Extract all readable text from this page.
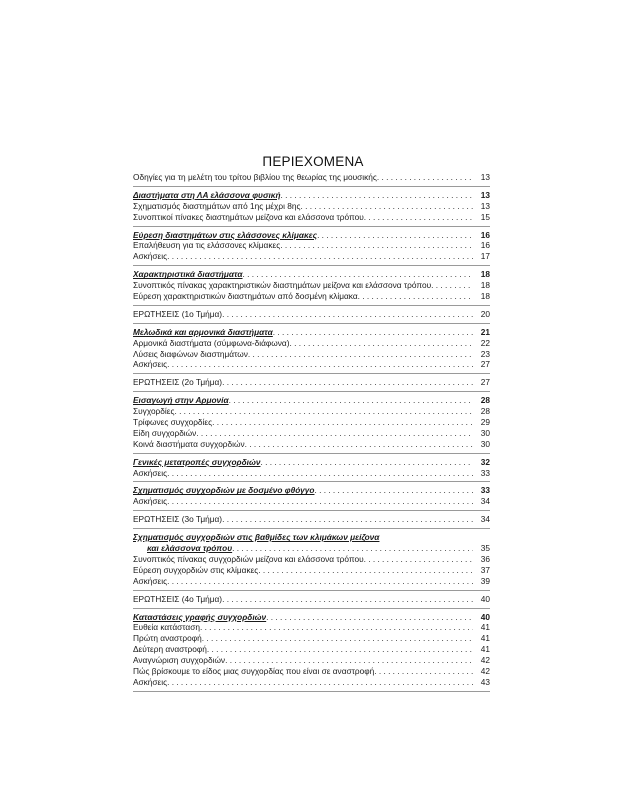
ΠΕΡΙΕΧΟΜΕΝΑ
Οδηγίες για τη μελέτη του τρίτου βιβλίου της θεωρίας της μουσικής . . .	13
Διαστήματα στη ΛΑ ελάσσονα φυσική . . .	13
Σχηματισμός διαστημάτων από 1ης μέχρι 8ης . . .	13
Συνοπτικοί πίνακες διαστημάτων μείζονα και ελάσσονα τρόπου . . .	15
Εύρεση διαστημάτων στις ελάσσονες κλίμακες . . .	16
Επαλήθευση για τις ελάσσονες κλίμακες . . .	16
Ασκήσεις . . .	17
Χαρακτηριστικά διαστήματα . . .	18
Συνοπτικός πίνακας χαρακτηριστικών διαστημάτων μείζονα και ελάσσονα τρόπου . . .	18
Εύρεση χαρακτηριστικών διαστημάτων από δοσμένη κλίμακα . . .	18
ΕΡΩΤΗΣΕΙΣ (1ο Τμήμα) . . .	20
Μελωδικά και αρμονικά διαστήματα . . .	21
Αρμονικά διαστήματα (σύμφωνα-διάφωνα) . . .	22
Λύσεις διαφώνων διαστημάτων . . .	23
Ασκήσεις . . .	27
ΕΡΩΤΗΣΕΙΣ (2ο Τμήμα) . . .	27
Εισαγωγή στην Αρμονία . . .	28
Συγχορδίες . . .	28
Τρίφωνες συγχορδίες . . .	29
Είδη συγχορδιών . . .	30
Κοινά διαστήματα συγχορδιών . . .	30
Γενικές μετατροπές συγχορδιών . . .	32
Ασκήσεις . . .	33
Σχηματισμός συγχορδιών με δοσμένο φθόγγο . . .	33
Ασκήσεις . . .	34
ΕΡΩΤΗΣΕΙΣ (3ο Τμήμα) . . .	34
Σχηματισμός συγχορδιών στις βαθμίδες των κλιμάκων μείζονα
και ελάσσονα τρόπου . . .	35
Συνοπτικός πίνακας συγχορδιών μείζονα και ελάσσονα τρόπου . . .	36
Εύρεση συγχορδιών στις κλίμακες . . .	37
Ασκήσεις . . .	39
ΕΡΩΤΗΣΕΙΣ (4ο Τμήμα) . . .	40
Καταστάσεις γραφής συγχορδιών . . .	40
Ευθεία κατάσταση . . .	41
Πρώτη αναστροφή . . .	41
Δεύτερη αναστροφή . . .	41
Αναγνώριση συγχορδιών . . .	42
Πώς βρίσκουμε το είδος μιας συγχορδίας που είναι σε αναστροφή . . .	42
Ασκήσεις . . .	43
